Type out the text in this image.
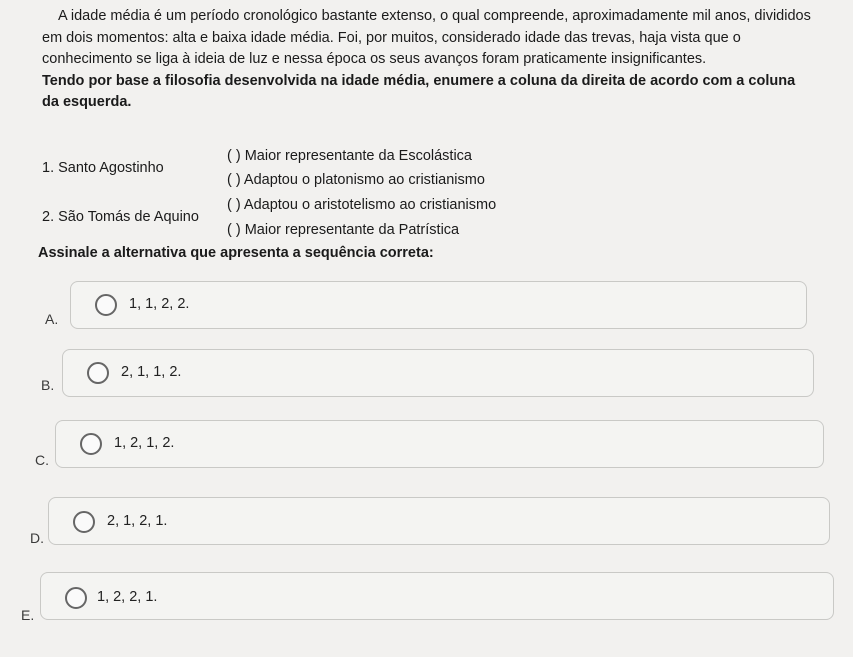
A idade média é um período cronológico bastante extenso, o qual compreende, aproximadamente mil anos, divididos em dois momentos: alta e baixa idade média. Foi, por muitos, considerado idade das trevas, haja vista que o conhecimento se liga à ideia de luz e nessa época os seus avanços foram praticamente insignificantes.

Tendo por base a filosofia desenvolvida na idade média, enumere a coluna da direita de acordo com a coluna da esquerda.

1. Santo Agostinho
2. São Tomás de Aquino
( ) Maior representante da Escolástica
( ) Adaptou o platonismo ao cristianismo
( ) Adaptou o aristotelismo ao cristianismo
( ) Maior representante da Patrística
Assinale a alternativa que apresenta a sequência correta:
A.
1, 1, 2, 2.
B.
2, 1, 1, 2.
C.
1, 2, 1, 2.
D.
2, 1, 2, 1.
E.
1, 2, 2, 1.
